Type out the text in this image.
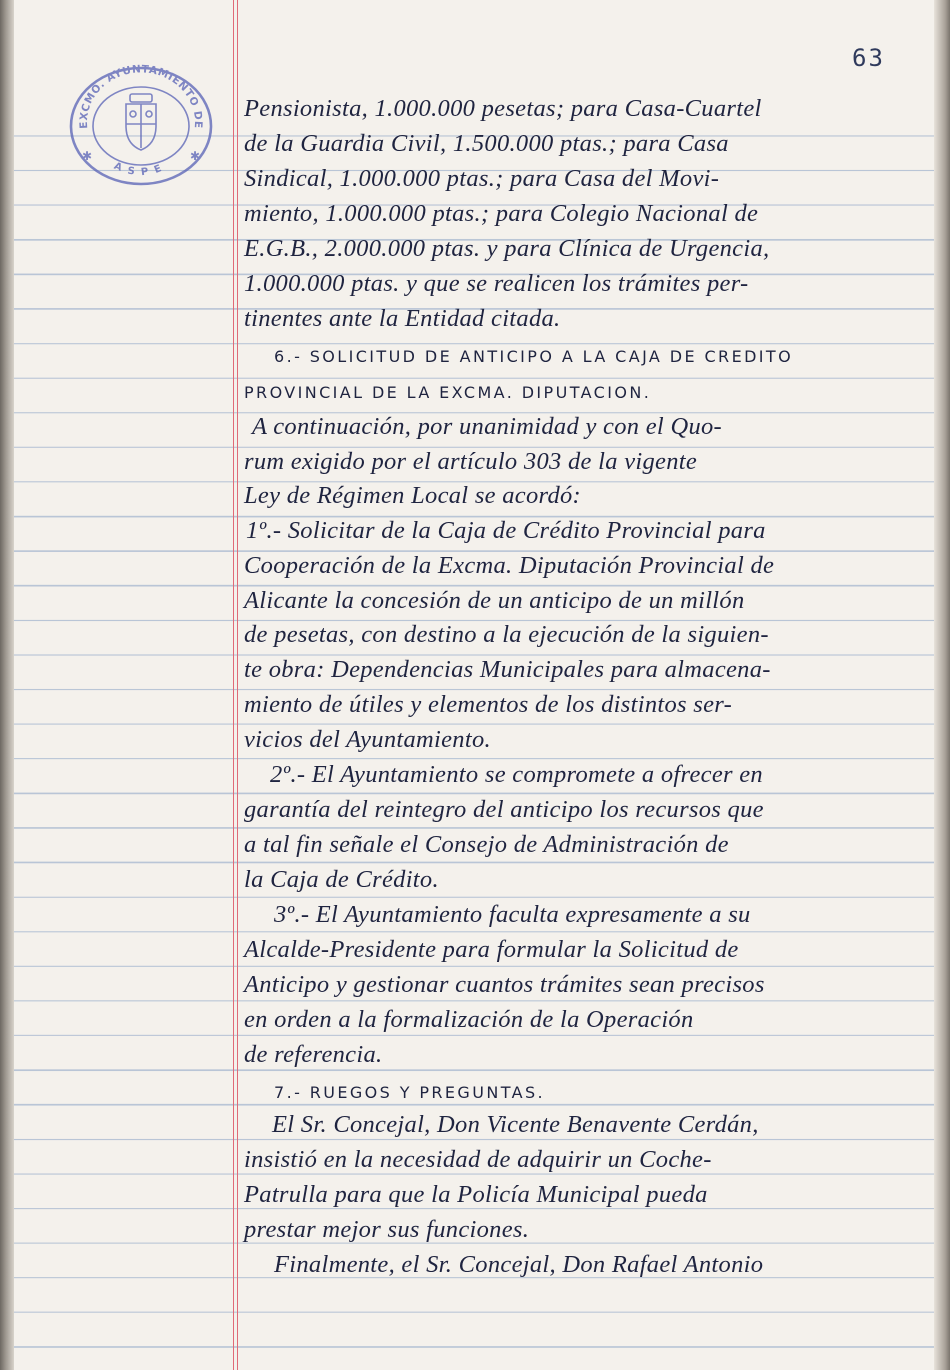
63
EXCMO. AYUNTAMIENTO DE
ASPE
✱	✱
Pensionista, 1.000.000 pesetas; para Casa-Cuartel
de la Guardia Civil, 1.500.000 ptas.; para Casa
Sindical, 1.000.000 ptas.; para Casa del Movi-
miento, 1.000.000 ptas.; para Colegio Nacional de
E.G.B., 2.000.000 ptas. y para Clínica de Urgencia,
1.000.000 ptas. y que se realicen los trámites per-
tinentes ante la Entidad citada.
6.- SOLICITUD DE ANTICIPO A LA CAJA DE CREDITO
PROVINCIAL DE LA EXCMA. DIPUTACION.
A continuación, por unanimidad y con el Quo-
rum exigido por el artículo 303 de la vigente
Ley de Régimen Local se acordó:
1º.- Solicitar de la Caja de Crédito Provincial para
Cooperación de la Excma. Diputación Provincial de
Alicante la concesión de un anticipo de un millón
de pesetas, con destino a la ejecución de la siguien-
te obra: Dependencias Municipales para almacena-
miento de útiles y elementos de los distintos ser-
vicios del Ayuntamiento.
2º.- El Ayuntamiento se compromete a ofrecer en
garantía del reintegro del anticipo los recursos que
a tal fin señale el Consejo de Administración de
la Caja de Crédito.
3º.- El Ayuntamiento faculta expresamente a su
Alcalde-Presidente para formular la Solicitud de
Anticipo y gestionar cuantos trámites sean precisos
en orden a la formalización de la Operación
de referencia.
7.- RUEGOS Y PREGUNTAS.
El Sr. Concejal, Don Vicente Benavente Cerdán,
insistió en la necesidad de adquirir un Coche-
Patrulla para que la Policía Municipal pueda
prestar mejor sus funciones.
Finalmente, el Sr. Concejal, Don Rafael Antonio
